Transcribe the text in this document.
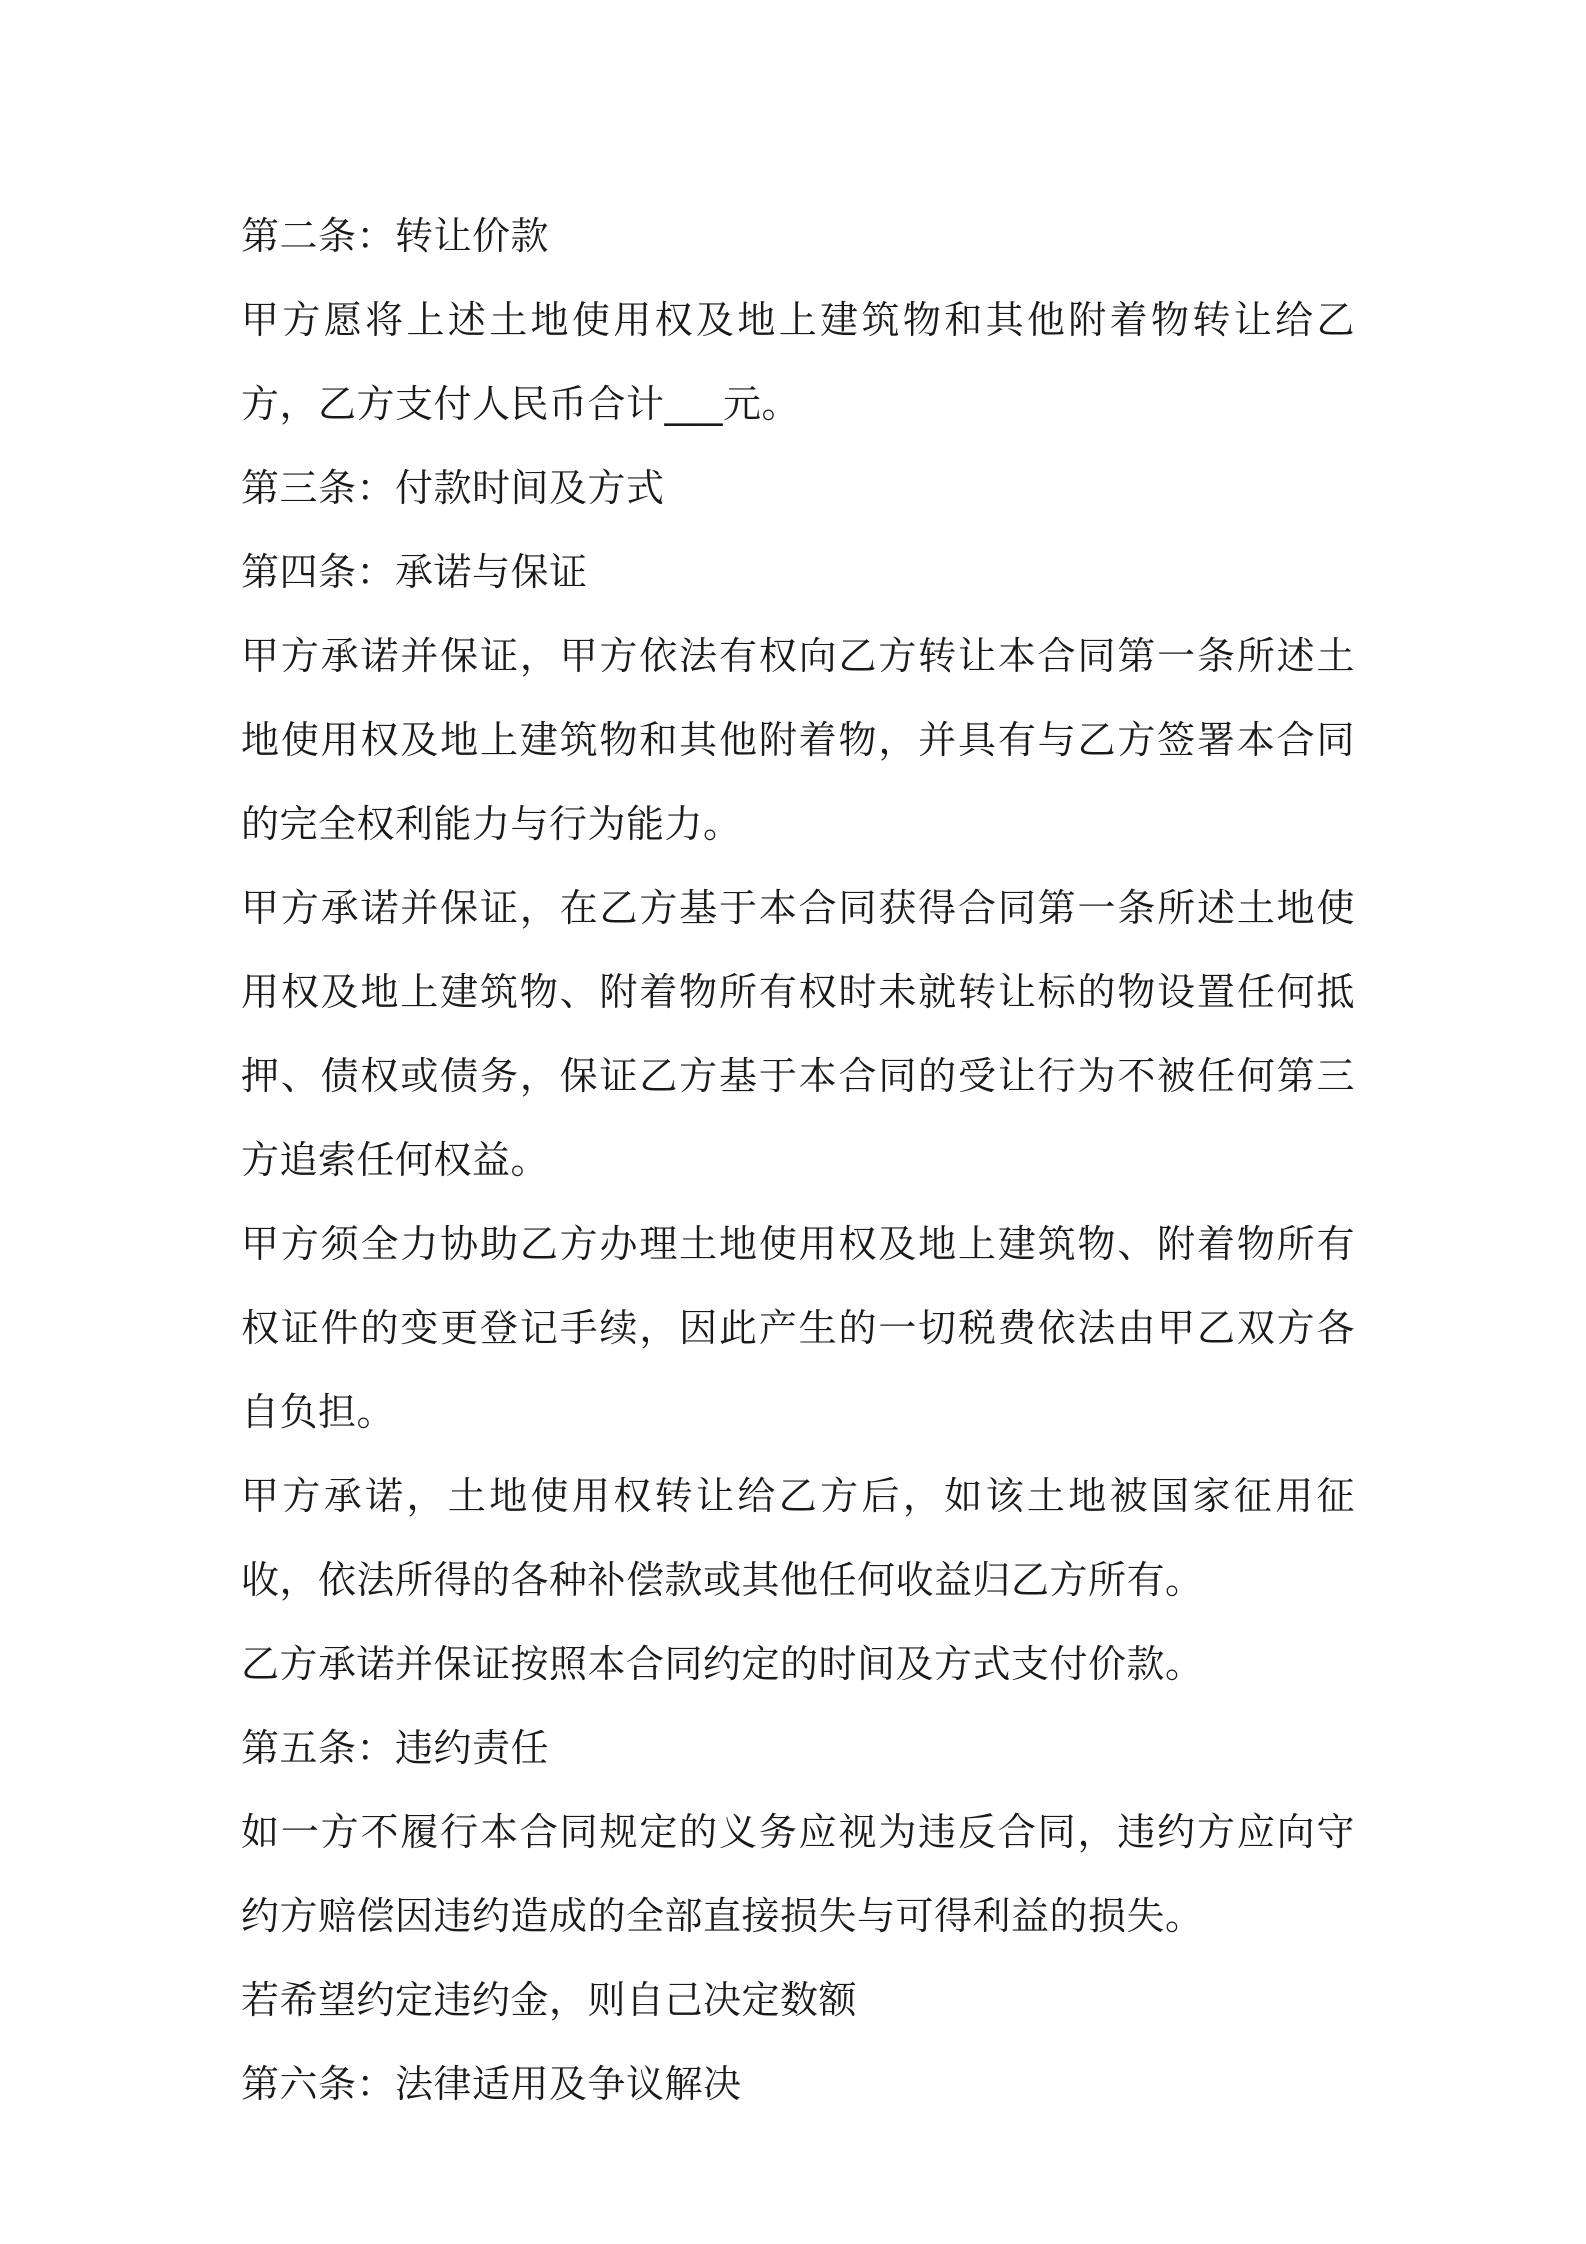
第二条：转让价款

甲方愿将上述土地使用权及地上建筑物和其他附着物转让给乙方，乙方支付人民币合计___元。

第三条：付款时间及方式

第四条：承诺与保证

甲方承诺并保证，甲方依法有权向乙方转让本合同第一条所述土地使用权及地上建筑物和其他附着物，并具有与乙方签署本合同的完全权利能力与行为能力。

甲方承诺并保证，在乙方基于本合同获得合同第一条所述土地使用权及地上建筑物、附着物所有权时未就转让标的物设置任何抵押、债权或债务，保证乙方基于本合同的受让行为不被任何第三方追索任何权益。

甲方须全力协助乙方办理土地使用权及地上建筑物、附着物所有权证件的变更登记手续，因此产生的一切税费依法由甲乙双方各自负担。

甲方承诺，土地使用权转让给乙方后，如该土地被国家征用征收，依法所得的各种补偿款或其他任何收益归乙方所有。

乙方承诺并保证按照本合同约定的时间及方式支付价款。

第五条：违约责任

如一方不履行本合同规定的义务应视为违反合同，违约方应向守约方赔偿因违约造成的全部直接损失与可得利益的损失。

若希望约定违约金，则自己决定数额

第六条：法律适用及争议解决
